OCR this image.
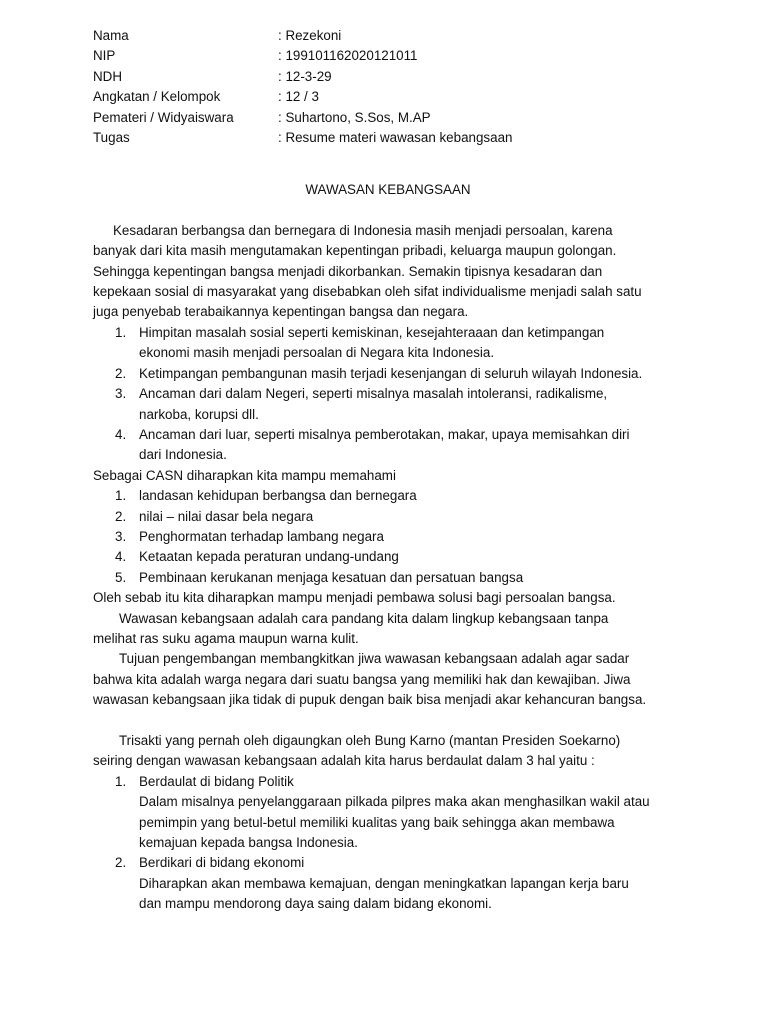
Nama	: Rezekoni
NIP	: 199101162020121011
NDH	: 12-3-29
Angkatan / Kelompok	: 12 / 3
Pemateri / Widyaiswara	: Suhartono, S.Sos, M.AP
Tugas	: Resume materi wawasan kebangsaan
WAWASAN KEBANGSAAN
Kesadaran berbangsa dan bernegara di Indonesia masih menjadi persoalan, karena
banyak dari kita masih mengutamakan kepentingan pribadi, keluarga maupun golongan.
Sehingga kepentingan bangsa menjadi dikorbankan. Semakin tipisnya kesadaran dan
kepekaan sosial di masyarakat yang disebabkan oleh sifat individualisme menjadi salah satu
juga penyebab terabaikannya kepentingan bangsa dan negara.
1. Himpitan masalah sosial seperti kemiskinan, kesejahteraaan dan ketimpangan
ekonomi masih menjadi persoalan di Negara kita Indonesia.
2. Ketimpangan pembangunan masih terjadi kesenjangan di seluruh wilayah Indonesia.
3. Ancaman dari dalam Negeri, seperti misalnya masalah intoleransi, radikalisme,
narkoba, korupsi dll.
4. Ancaman dari luar, seperti misalnya pemberotakan, makar, upaya memisahkan diri
dari Indonesia.
Sebagai CASN diharapkan kita mampu memahami
1. landasan kehidupan berbangsa dan bernegara
2. nilai – nilai dasar bela negara
3. Penghormatan terhadap lambang negara
4. Ketaatan kepada peraturan undang-undang
5. Pembinaan kerukanan menjaga kesatuan dan persatuan bangsa
Oleh sebab itu kita diharapkan mampu menjadi pembawa solusi bagi persoalan bangsa.
Wawasan kebangsaan adalah cara pandang kita dalam lingkup kebangsaan tanpa
melihat ras suku agama maupun warna kulit.
Tujuan pengembangan membangkitkan jiwa wawasan kebangsaan adalah agar sadar
bahwa kita adalah warga negara dari suatu bangsa yang memiliki hak dan kewajiban. Jiwa
wawasan kebangsaan jika tidak di pupuk dengan baik bisa menjadi akar kehancuran bangsa.
Trisakti yang pernah oleh digaungkan oleh Bung Karno (mantan Presiden Soekarno)
seiring dengan wawasan kebangsaan adalah kita harus berdaulat dalam 3 hal yaitu :
1. Berdaulat di bidang Politik
Dalam misalnya penyelanggaraan pilkada pilpres maka akan menghasilkan wakil atau
pemimpin yang betul-betul memiliki kualitas yang baik sehingga akan membawa
kemajuan kepada bangsa Indonesia.
2. Berdikari di bidang ekonomi
Diharapkan akan membawa kemajuan, dengan meningkatkan lapangan kerja baru
dan mampu mendorong daya saing dalam bidang ekonomi.
